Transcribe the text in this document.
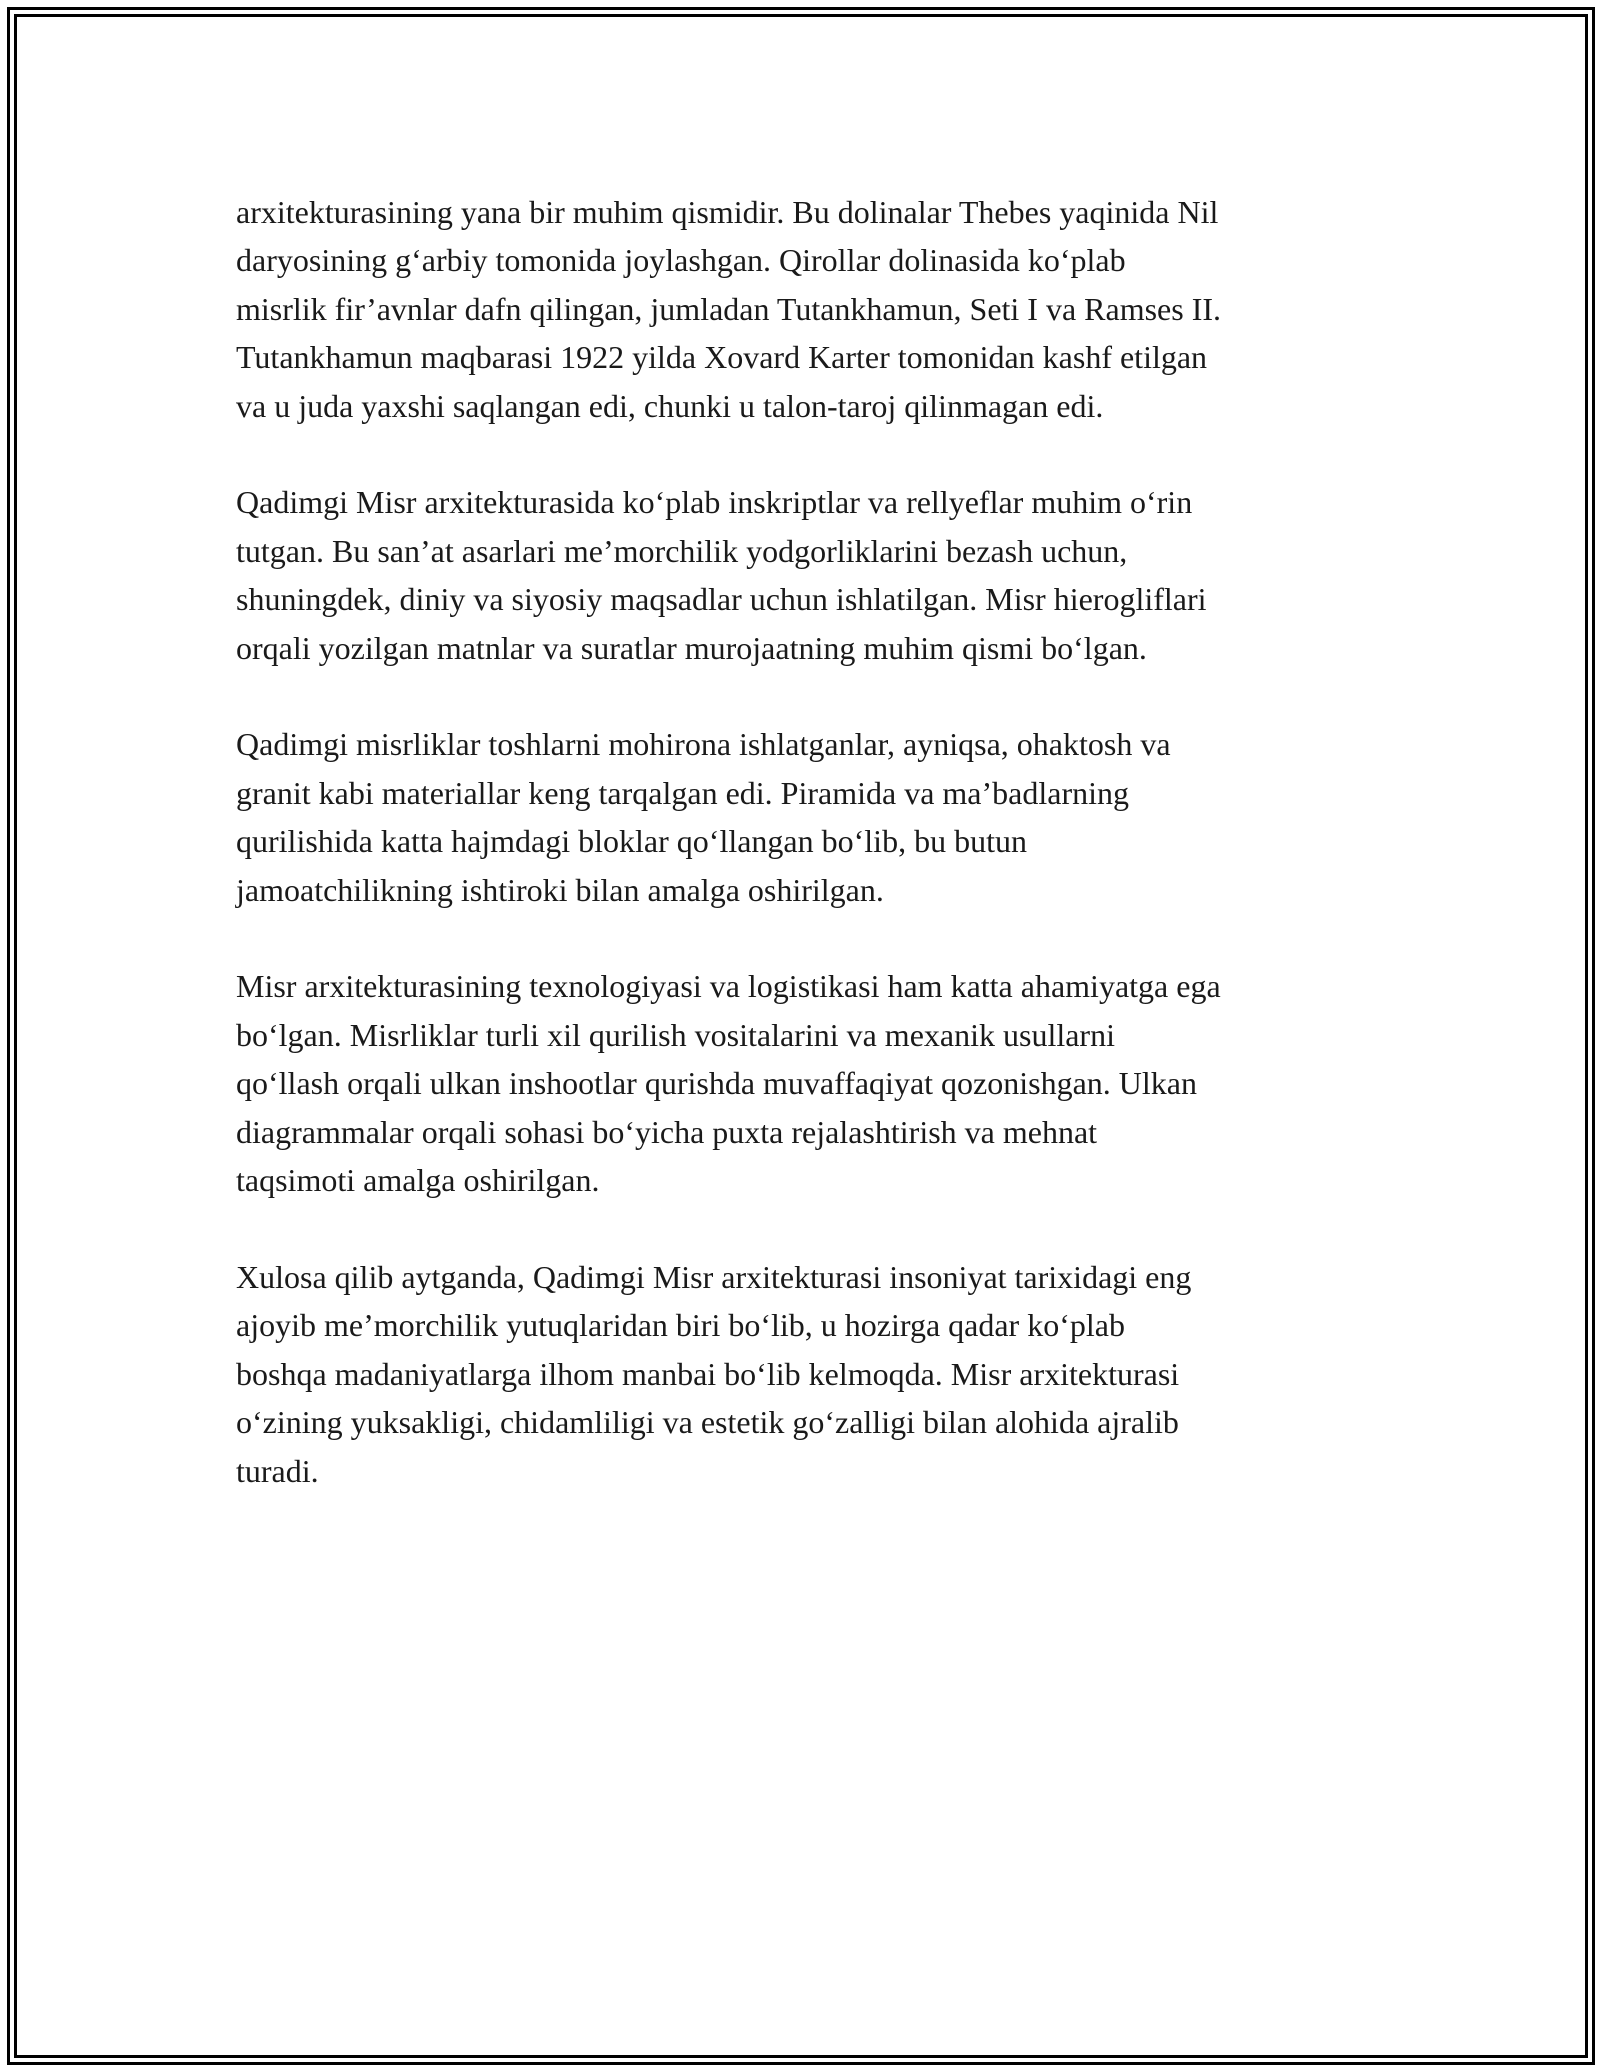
arxitekturasining yana bir muhim qismidir. Bu dolinalar Thebes yaqinida Nil
daryosining g‘arbiy tomonida joylashgan. Qirollar dolinasida ko‘plab
misrlik fir’avnlar dafn qilingan, jumladan Tutankhamun, Seti I va Ramses II.
Tutankhamun maqbarasi 1922 yilda Xovard Karter tomonidan kashf etilgan
va u juda yaxshi saqlangan edi, chunki u talon-taroj qilinmagan edi.

Qadimgi Misr arxitekturasida ko‘plab inskriptlar va rellyeflar muhim o‘rin
tutgan. Bu san’at asarlari me’morchilik yodgorliklarini bezash uchun,
shuningdek, diniy va siyosiy maqsadlar uchun ishlatilgan. Misr hierogliflari
orqali yozilgan matnlar va suratlar murojaatning muhim qismi bo‘lgan.

Qadimgi misrliklar toshlarni mohirona ishlatganlar, ayniqsa, ohaktosh va
granit kabi materiallar keng tarqalgan edi. Piramida va ma’badlarning
qurilishida katta hajmdagi bloklar qo‘llangan bo‘lib, bu butun
jamoatchilikning ishtiroki bilan amalga oshirilgan.

Misr arxitekturasining texnologiyasi va logistikasi ham katta ahamiyatga ega
bo‘lgan. Misrliklar turli xil qurilish vositalarini va mexanik usullarni
qo‘llash orqali ulkan inshootlar qurishda muvaffaqiyat qozonishgan. Ulkan
diagrammalar orqali sohasi bo‘yicha puxta rejalashtirish va mehnat
taqsimoti amalga oshirilgan.

Xulosa qilib aytganda, Qadimgi Misr arxitekturasi insoniyat tarixidagi eng
ajoyib me’morchilik yutuqlaridan biri bo‘lib, u hozirga qadar ko‘plab
boshqa madaniyatlarga ilhom manbai bo‘lib kelmoqda. Misr arxitekturasi
o‘zining yuksakligi, chidamliligi va estetik go‘zalligi bilan alohida ajralib
turadi.
